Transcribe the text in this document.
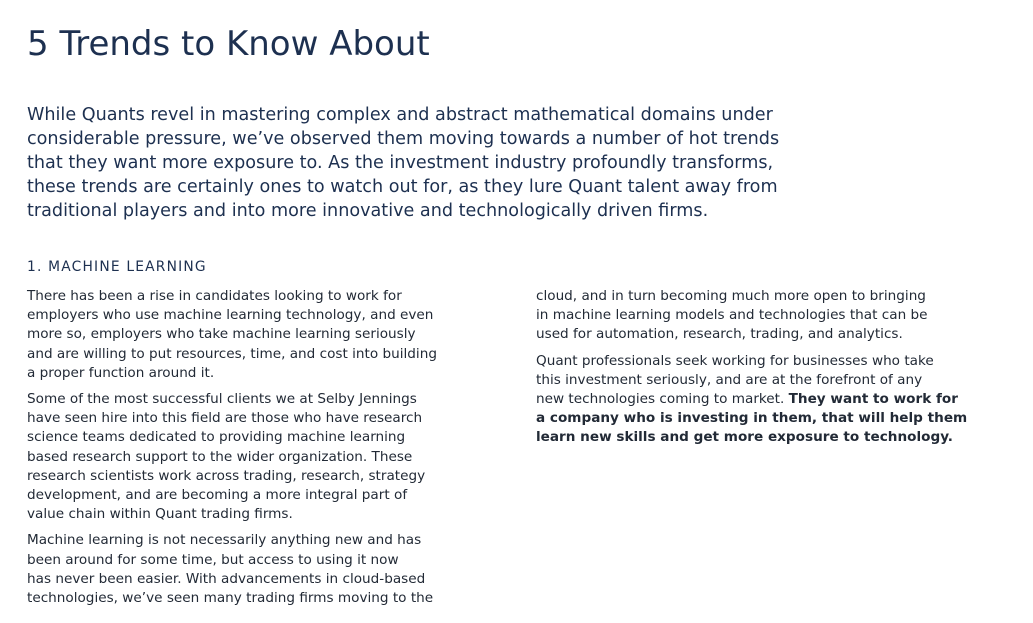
5 Trends to Know About

While Quants revel in mastering complex and abstract mathematical domains under
considerable pressure, we’ve observed them moving towards a number of hot trends
that they want more exposure to. As the investment industry profoundly transforms,
these trends are certainly ones to watch out for, as they lure Quant talent away from
traditional players and into more innovative and technologically driven firms.

1. MACHINE LEARNING

There has been a rise in candidates looking to work for
employers who use machine learning technology, and even
more so, employers who take machine learning seriously
and are willing to put resources, time, and cost into building
a proper function around it.

Some of the most successful clients we at Selby Jennings
have seen hire into this field are those who have research
science teams dedicated to providing machine learning
based research support to the wider organization. These
research scientists work across trading, research, strategy
development, and are becoming a more integral part of
value chain within Quant trading firms.

Machine learning is not necessarily anything new and has
been around for some time, but access to using it now
has never been easier. With advancements in cloud-based
technologies, we’ve seen many trading firms moving to the

cloud, and in turn becoming much more open to bringing
in machine learning models and technologies that can be
used for automation, research, trading, and analytics.

Quant professionals seek working for businesses who take
this investment seriously, and are at the forefront of any
new technologies coming to market. They want to work for
a company who is investing in them, that will help them
learn new skills and get more exposure to technology.
